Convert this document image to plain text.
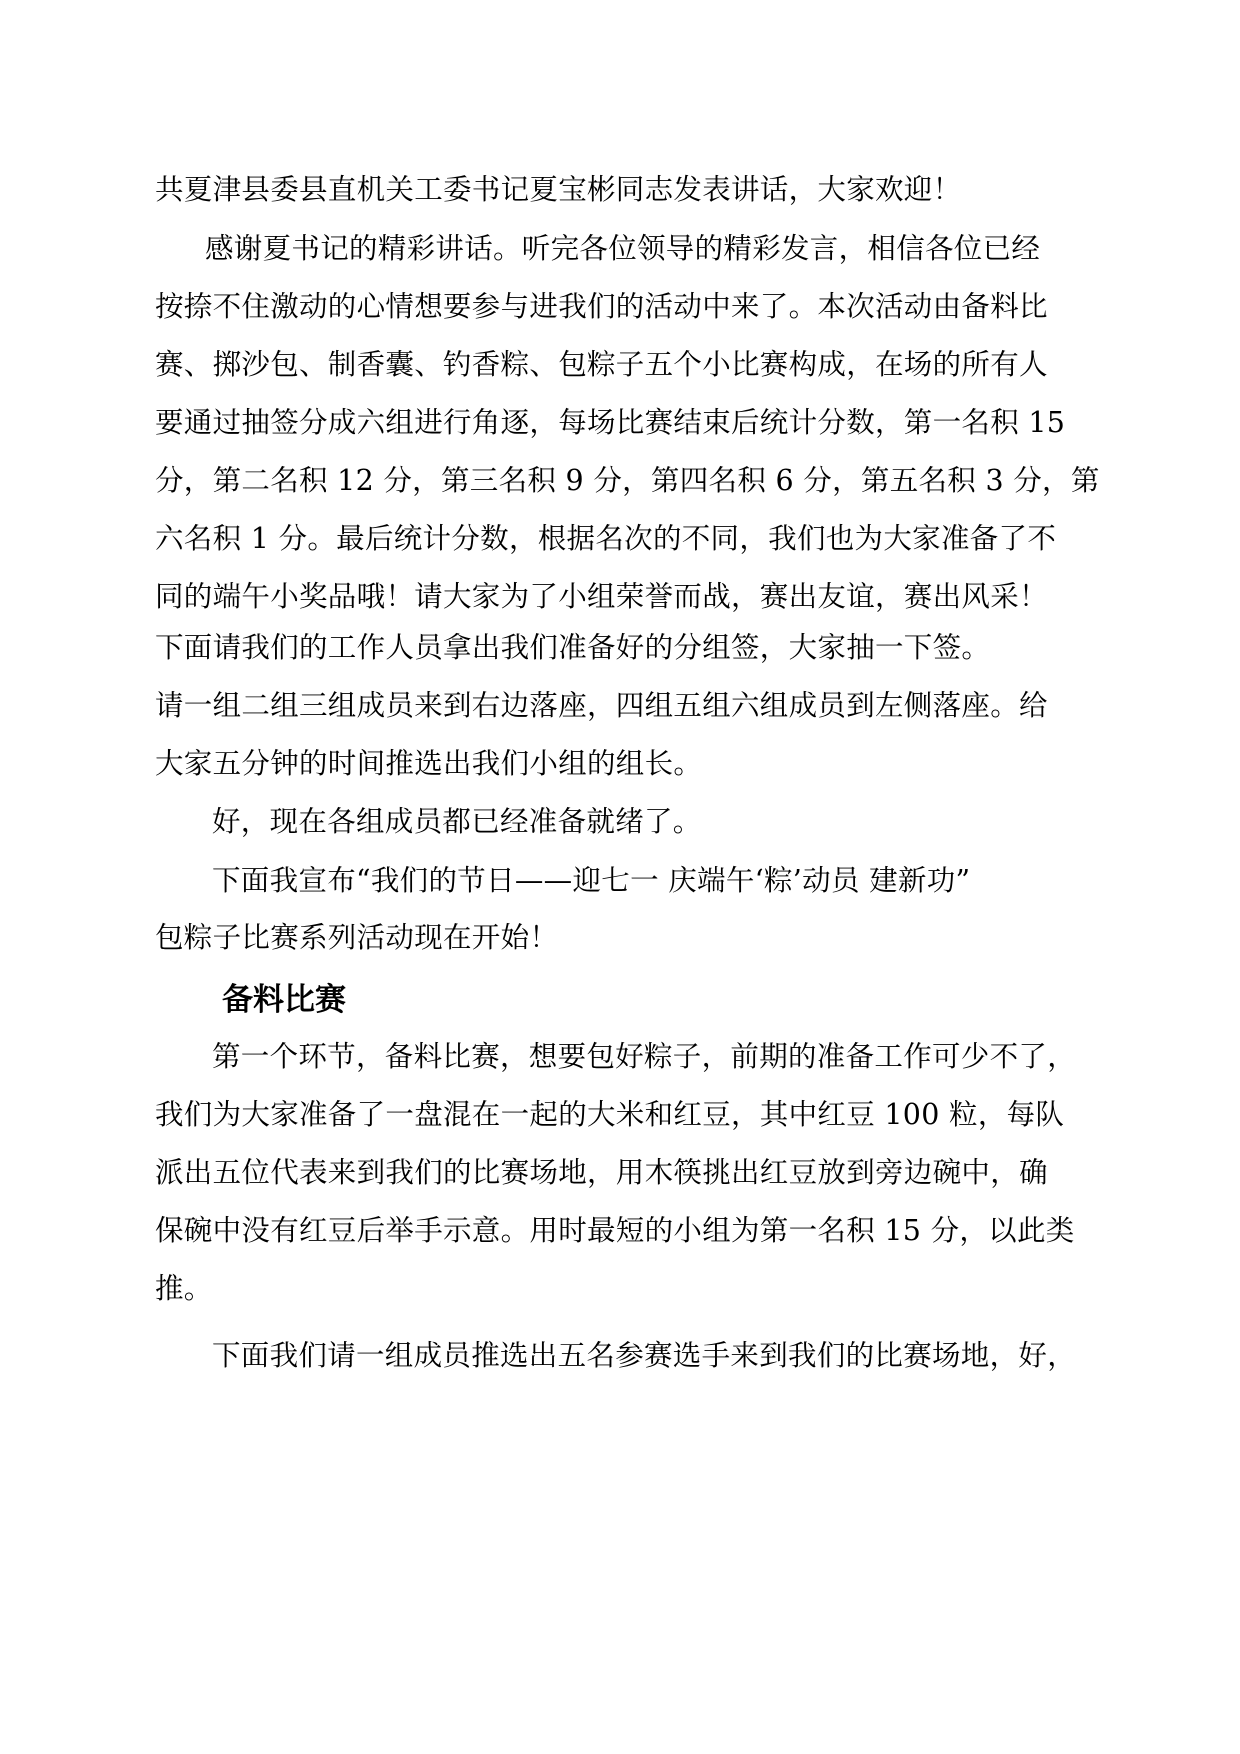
共夏津县委县直机关工委书记夏宝彬同志发表讲话，大家欢迎！
感谢夏书记的精彩讲话。听完各位领导的精彩发言，相信各位已经
按捺不住激动的心情想要参与进我们的活动中来了。本次活动由备料比
赛、掷沙包、制香囊、钓香粽、包粽子五个小比赛构成，在场的所有人
要通过抽签分成六组进行角逐，每场比赛结束后统计分数，第一名积 15
分，第二名积 12 分，第三名积 9 分，第四名积 6 分，第五名积 3 分，第
六名积 1 分。最后统计分数，根据名次的不同，我们也为大家准备了不
同的端午小奖品哦！请大家为了小组荣誉而战，赛出友谊，赛出风采！
下面请我们的工作人员拿出我们准备好的分组签，大家抽一下签。
请一组二组三组成员来到右边落座，四组五组六组成员到左侧落座。给
大家五分钟的时间推选出我们小组的组长。
好，现在各组成员都已经准备就绪了。
下面我宣布“我们的节日——迎七一 庆端午‘粽’动员 建新功”
包粽子比赛系列活动现在开始！
备料比赛
第一个环节，备料比赛，想要包好粽子，前期的准备工作可少不了，
我们为大家准备了一盘混在一起的大米和红豆，其中红豆 100 粒，每队
派出五位代表来到我们的比赛场地，用木筷挑出红豆放到旁边碗中，确
保碗中没有红豆后举手示意。用时最短的小组为第一名积 15 分，以此类
推。
下面我们请一组成员推选出五名参赛选手来到我们的比赛场地，好，
